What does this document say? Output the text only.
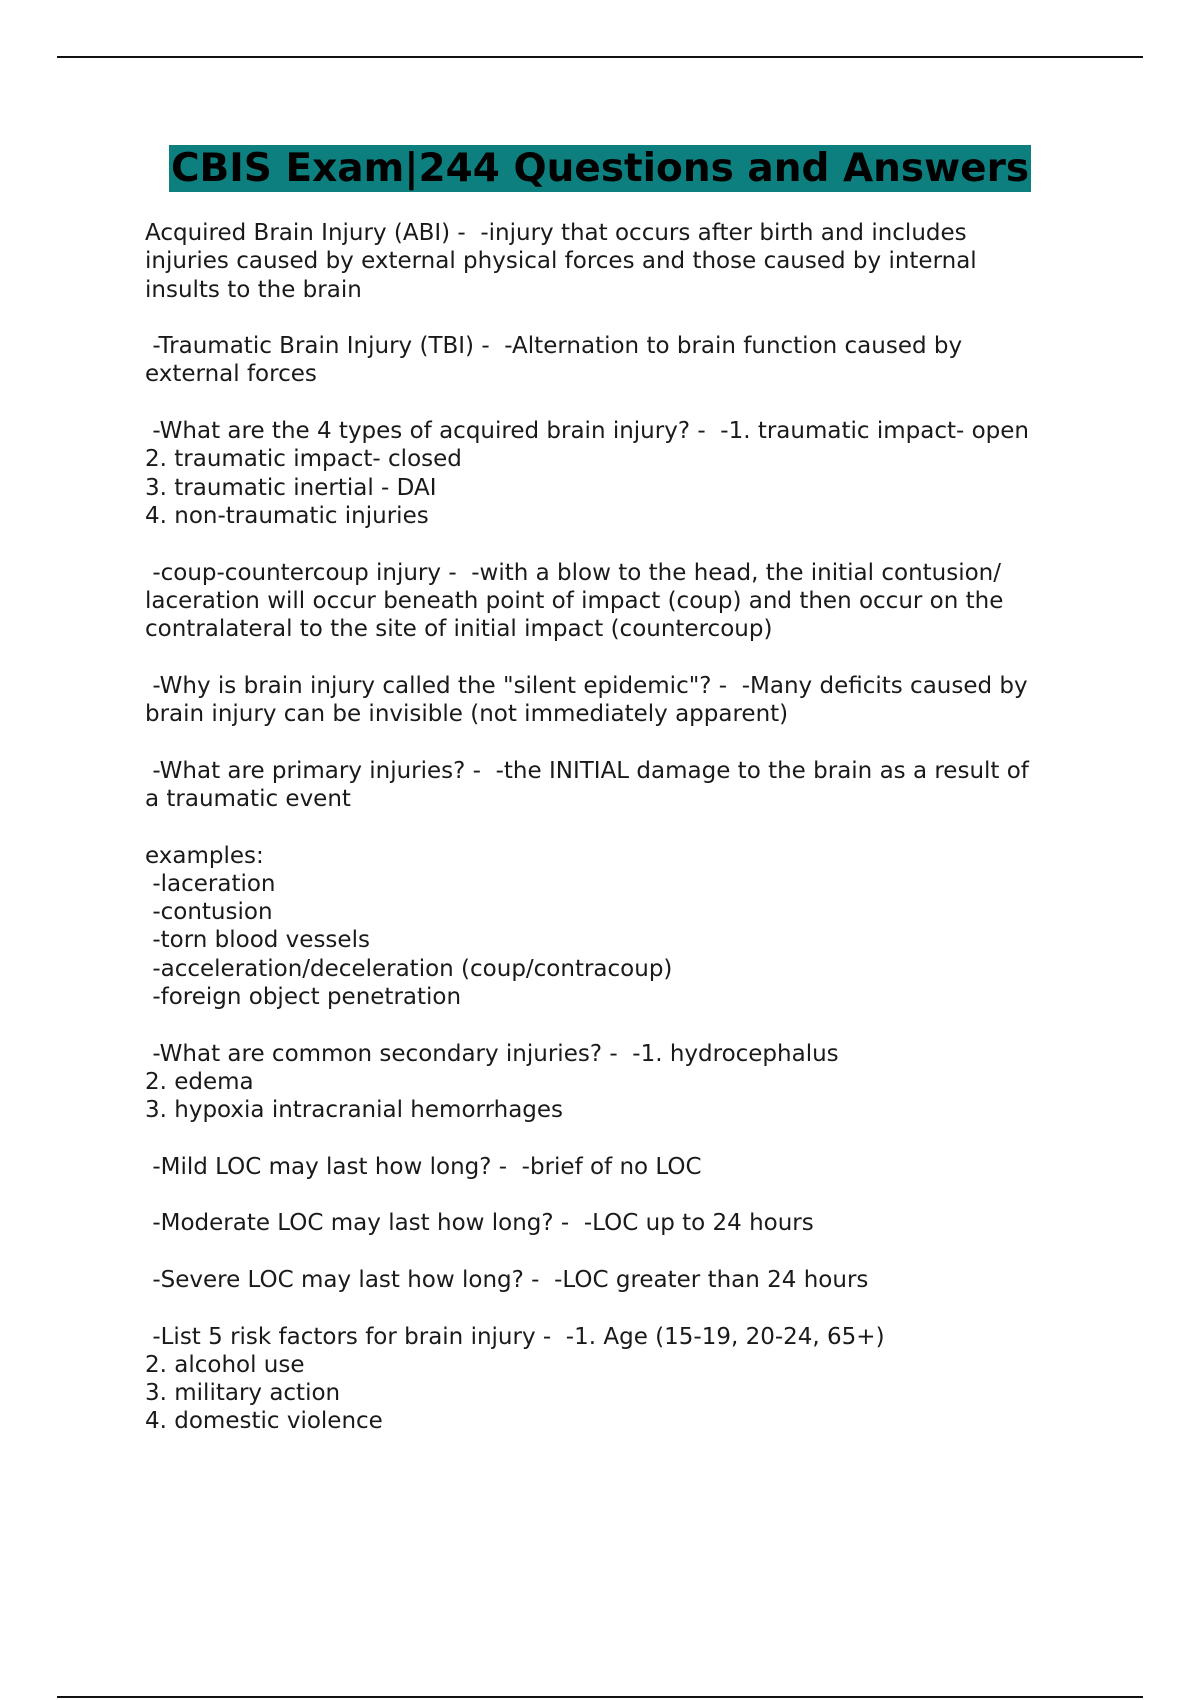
CBIS Exam|244 Questions and Answers
Acquired Brain Injury (ABI) -  -injury that occurs after birth and includes
injuries caused by external physical forces and those caused by internal
insults to the brain

-Traumatic Brain Injury (TBI) -  -Alternation to brain function caused by
external forces

-What are the 4 types of acquired brain injury? -  -1. traumatic impact- open
2. traumatic impact- closed
3. traumatic inertial - DAI
4. non-traumatic injuries

-coup-countercoup injury -  -with a blow to the head, the initial contusion/
laceration will occur beneath point of impact (coup) and then occur on the
contralateral to the site of initial impact (countercoup)

-Why is brain injury called the "silent epidemic"? -  -Many deficits caused by
brain injury can be invisible (not immediately apparent)

-What are primary injuries? -  -the INITIAL damage to the brain as a result of
a traumatic event

examples:
-laceration
-contusion
-torn blood vessels
-acceleration/deceleration (coup/contracoup)
-foreign object penetration

-What are common secondary injuries? -  -1. hydrocephalus
2. edema
3. hypoxia intracranial hemorrhages

-Mild LOC may last how long? -  -brief of no LOC

-Moderate LOC may last how long? -  -LOC up to 24 hours

-Severe LOC may last how long? -  -LOC greater than 24 hours

-List 5 risk factors for brain injury -  -1. Age (15-19, 20-24, 65+)
2. alcohol use
3. military action
4. domestic violence
